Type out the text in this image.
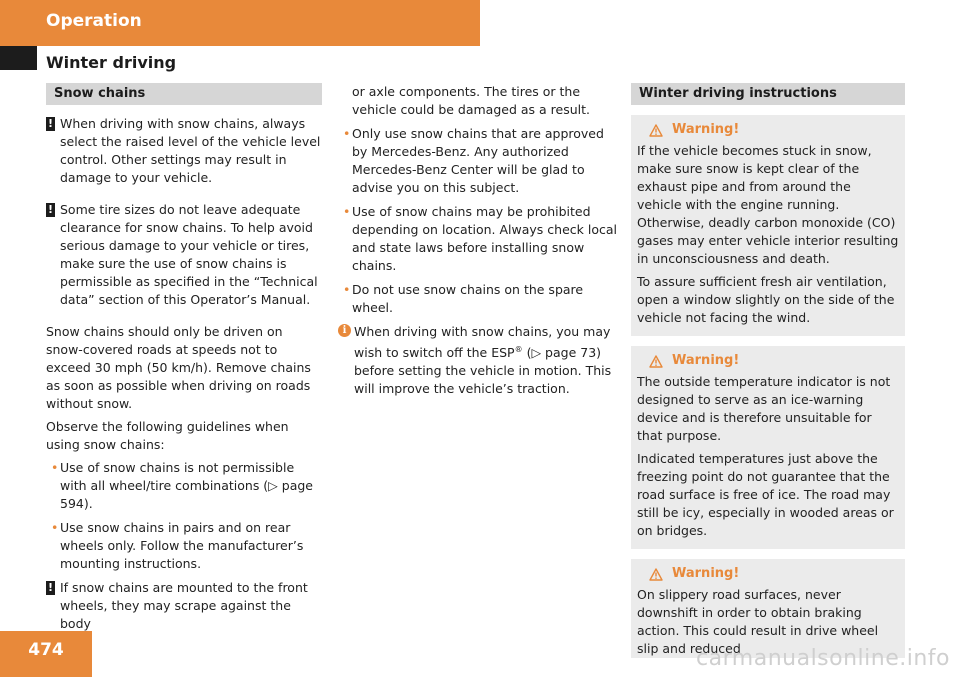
Operation
Winter driving
Snow chains
! When driving with snow chains, always select the raised level of the vehicle level control. Other settings may result in damage to your vehicle.
! Some tire sizes do not leave adequate clearance for snow chains. To help avoid serious damage to your vehicle or tires, make sure the use of snow chains is permissible as specified in the “Technical data” section of this Operator’s Manual.

Snow chains should only be driven on snow-covered roads at speeds not to exceed 30 mph (50 km/h). Remove chains as soon as possible when driving on roads without snow.

Observe the following guidelines when using snow chains:

• Use of snow chains is not permissible with all wheel/tire combinations (▷ page 594).
• Use snow chains in pairs and on rear wheels only. Follow the manufacturer’s mounting instructions.
! If snow chains are mounted to the front wheels, they may scrape against the body

or axle components. The tires or the vehicle could be damaged as a result.

• Only use snow chains that are approved by Mercedes-Benz. Any authorized Mercedes-Benz Center will be glad to advise you on this subject.
• Use of snow chains may be prohibited depending on location. Always check local and state laws before installing snow chains.
• Do not use snow chains on the spare wheel.
i When driving with snow chains, you may wish to switch off the ESP® (▷ page 73) before setting the vehicle in motion. This will improve the vehicle’s traction.
Winter driving instructions
Warning!

If the vehicle becomes stuck in snow, make sure snow is kept clear of the exhaust pipe and from around the vehicle with the engine running. Otherwise, deadly carbon monoxide (CO) gases may enter vehicle interior resulting in unconsciousness and death.

To assure sufficient fresh air ventilation, open a window slightly on the side of the vehicle not facing the wind.

Warning!

The outside temperature indicator is not designed to serve as an ice-warning device and is therefore unsuitable for that purpose.

Indicated temperatures just above the freezing point do not guarantee that the road surface is free of ice. The road may still be icy, especially in wooded areas or on bridges.

Warning!

On slippery road surfaces, never downshift in order to obtain braking action. This could result in drive wheel slip and reduced

474	carmanualsonline.info
